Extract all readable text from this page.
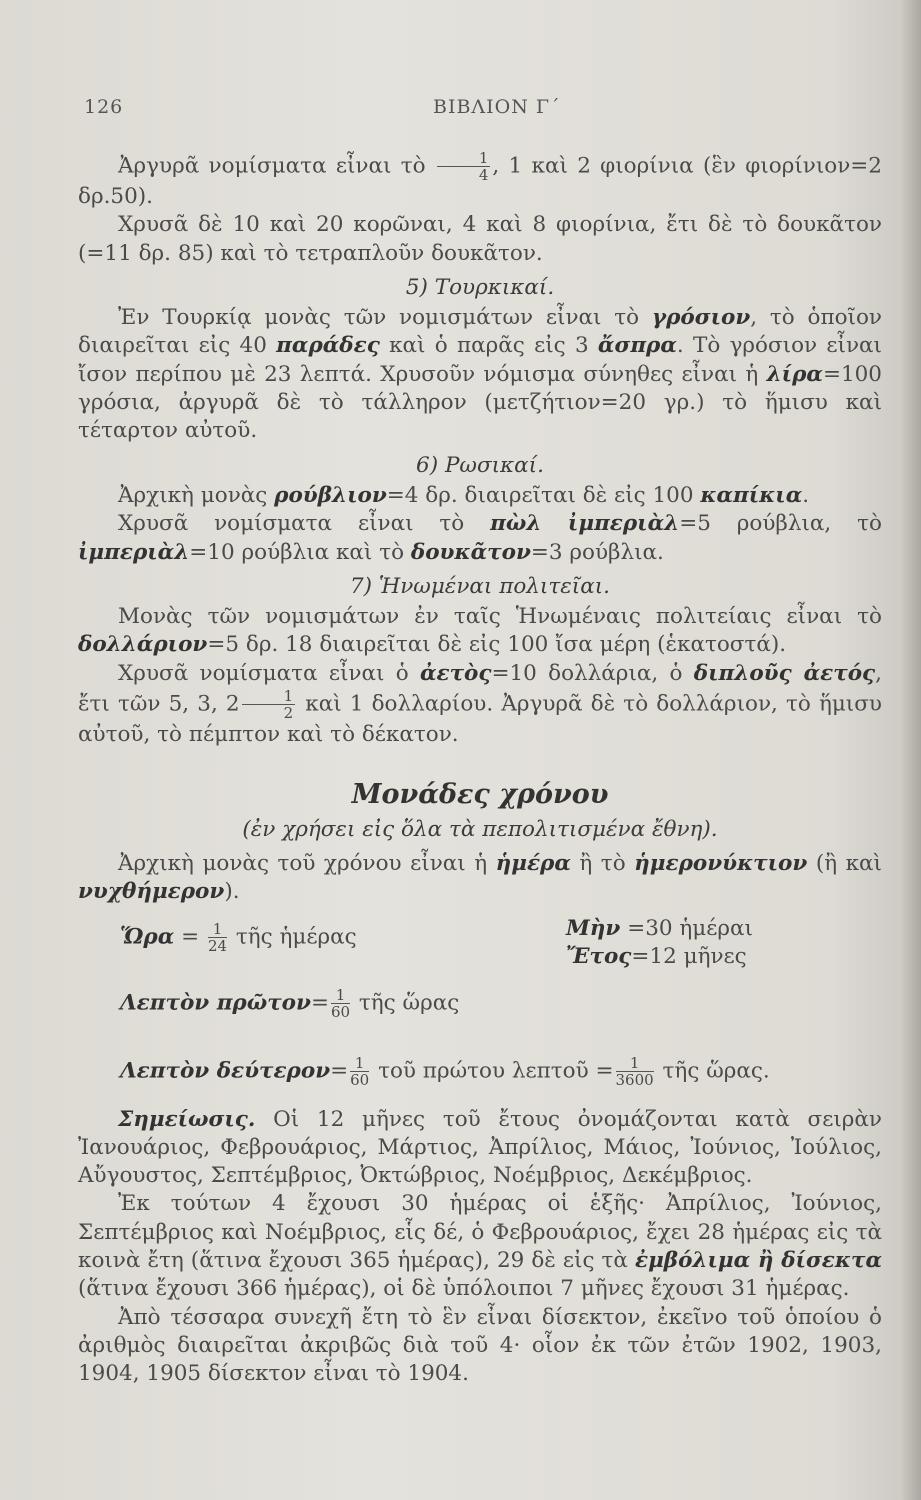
126	ΒΙΒΛΙΟΝ Γ΄

Ἀργυρᾶ νομίσματα εἶναι τὸ $\frac{1}{4}$ , 1 καὶ 2 φιορίνια (ἓν φιορίνιον=2 δρ.50).

Χρυσᾶ δὲ 10 καὶ 20 κορῶναι, 4 καὶ 8 φιορίνια, ἔτι δὲ τὸ δουκᾶτον (=11 δρ. 85) καὶ τὸ τετραπλοῦν δουκᾶτον.

5) Τουρκικαί.

Ἐν Τουρκίᾳ μονὰς τῶν νομισμάτων εἶναι τὸ γρόσιον, τὸ ὁποῖον διαιρεῖται εἰς 40 παράδες καὶ ὁ παρᾶς εἰς 3 ἄσπρα. Τὸ γρόσιον εἶναι ἴσον περίπου μὲ 23 λεπτά. Χρυσοῦν νόμισμα σύνηθες εἶναι ἡ λίρα=100 γρόσια, ἀργυρᾶ δὲ τὸ τάλληρον (μετζήτιον=20 γρ.) τὸ ἥμισυ καὶ τέταρτον αὐτοῦ.

6) Ρωσικαί.

Ἀρχικὴ μονὰς ρούβλιον=4 δρ. διαιρεῖται δὲ εἰς 100 καπίκια.

Χρυσᾶ νομίσματα εἶναι τὸ πὼλ ἰμπεριὰλ=5 ρούβλια, τὸ ἰμπεριὰλ=10 ρούβλια καὶ τὸ δουκᾶτον=3 ρούβλια.

7) Ἡνωμέναι πολιτεῖαι.

Μονὰς τῶν νομισμάτων ἐν ταῖς Ἡνωμέναις πολιτείαις εἶναι τὸ δολλάριον=5 δρ. 18 διαιρεῖται δὲ εἰς 100 ἴσα μέρη (ἑκατοστά).

Χρυσᾶ νομίσματα εἶναι ὁ ἀετὸς=10 δολλάρια, ὁ διπλοῦς ἀετός, ἔτι τῶν 5, 3, $2 \frac{1}{2}$ καὶ 1 δολλαρίου. Ἀργυρᾶ δὲ τὸ δολλάριον, τὸ ἥμισυ αὐτοῦ, τὸ πέμπτον καὶ τὸ δέκατον.

Μονάδες χρόνου
(ἐν χρήσει εἰς ὅλα τὰ πεπολιτισμένα ἔθνη).

Ἀρχικὴ μονὰς τοῦ χρόνου εἶναι ἡ ἡμέρα ἢ τὸ ἡμερονύκτιον (ἢ καὶ νυχθήμερον).

Ὥρα = $\frac{1}{24}$ τῆς ἡμέρας	Μὴν =30 ἡμέραι
Ἔτος=12 μῆνες
Λεπτὸν πρῶτον= $\frac{1}{60}$ τῆς ὥρας
Λεπτὸν $\delta\varepsilon ύ\tau\varepsilon\rho o\nu= \frac{1}{60}$ τοῦ πρώτου λεπτοῦ = $\frac{1}{3600}$ τῆς ὥρας.

Σημείωσις. Οἱ 12 μῆνες τοῦ ἔτους ὀνομάζονται κατὰ σειρὰν Ἰανουάριος, Φεβρουάριος, Μάρτιος, Ἀπρίλιος, Μάιος, Ἰούνιος, Ἰούλιος, Αὔγουστος, Σεπτέμβριος, Ὀκτώβριος, Νοέμβριος, Δεκέμβριος.

Ἐκ τούτων 4 ἔχουσι 30 ἡμέρας οἱ ἑξῆς· Ἀπρίλιος, Ἰούνιος, Σεπτέμβριος καὶ Νοέμβριος, εἷς δέ, ὁ Φεβρουάριος, ἔχει 28 ἡμέρας εἰς τὰ κοινὰ ἔτη (ἅτινα ἔχουσι 365 ἡμέρας), 29 δὲ εἰς τὰ ἐμβόλιμα ἢ δίσεκτα (ἅτινα ἔχουσι 366 ἡμέρας), οἱ δὲ ὑπόλοιποι 7 μῆνες ἔχουσι 31 ἡμέρας.

Ἀπὸ τέσσαρα συνεχῆ ἔτη τὸ ἓν εἶναι δίσεκτον, ἐκεῖνο τοῦ ὁποίου ὁ ἀριθμὸς διαιρεῖται ἀκριβῶς διὰ τοῦ 4· οἷον ἐκ τῶν ἐτῶν 1902, 1903, 1904, 1905 δίσεκτον εἶναι τὸ 1904.
